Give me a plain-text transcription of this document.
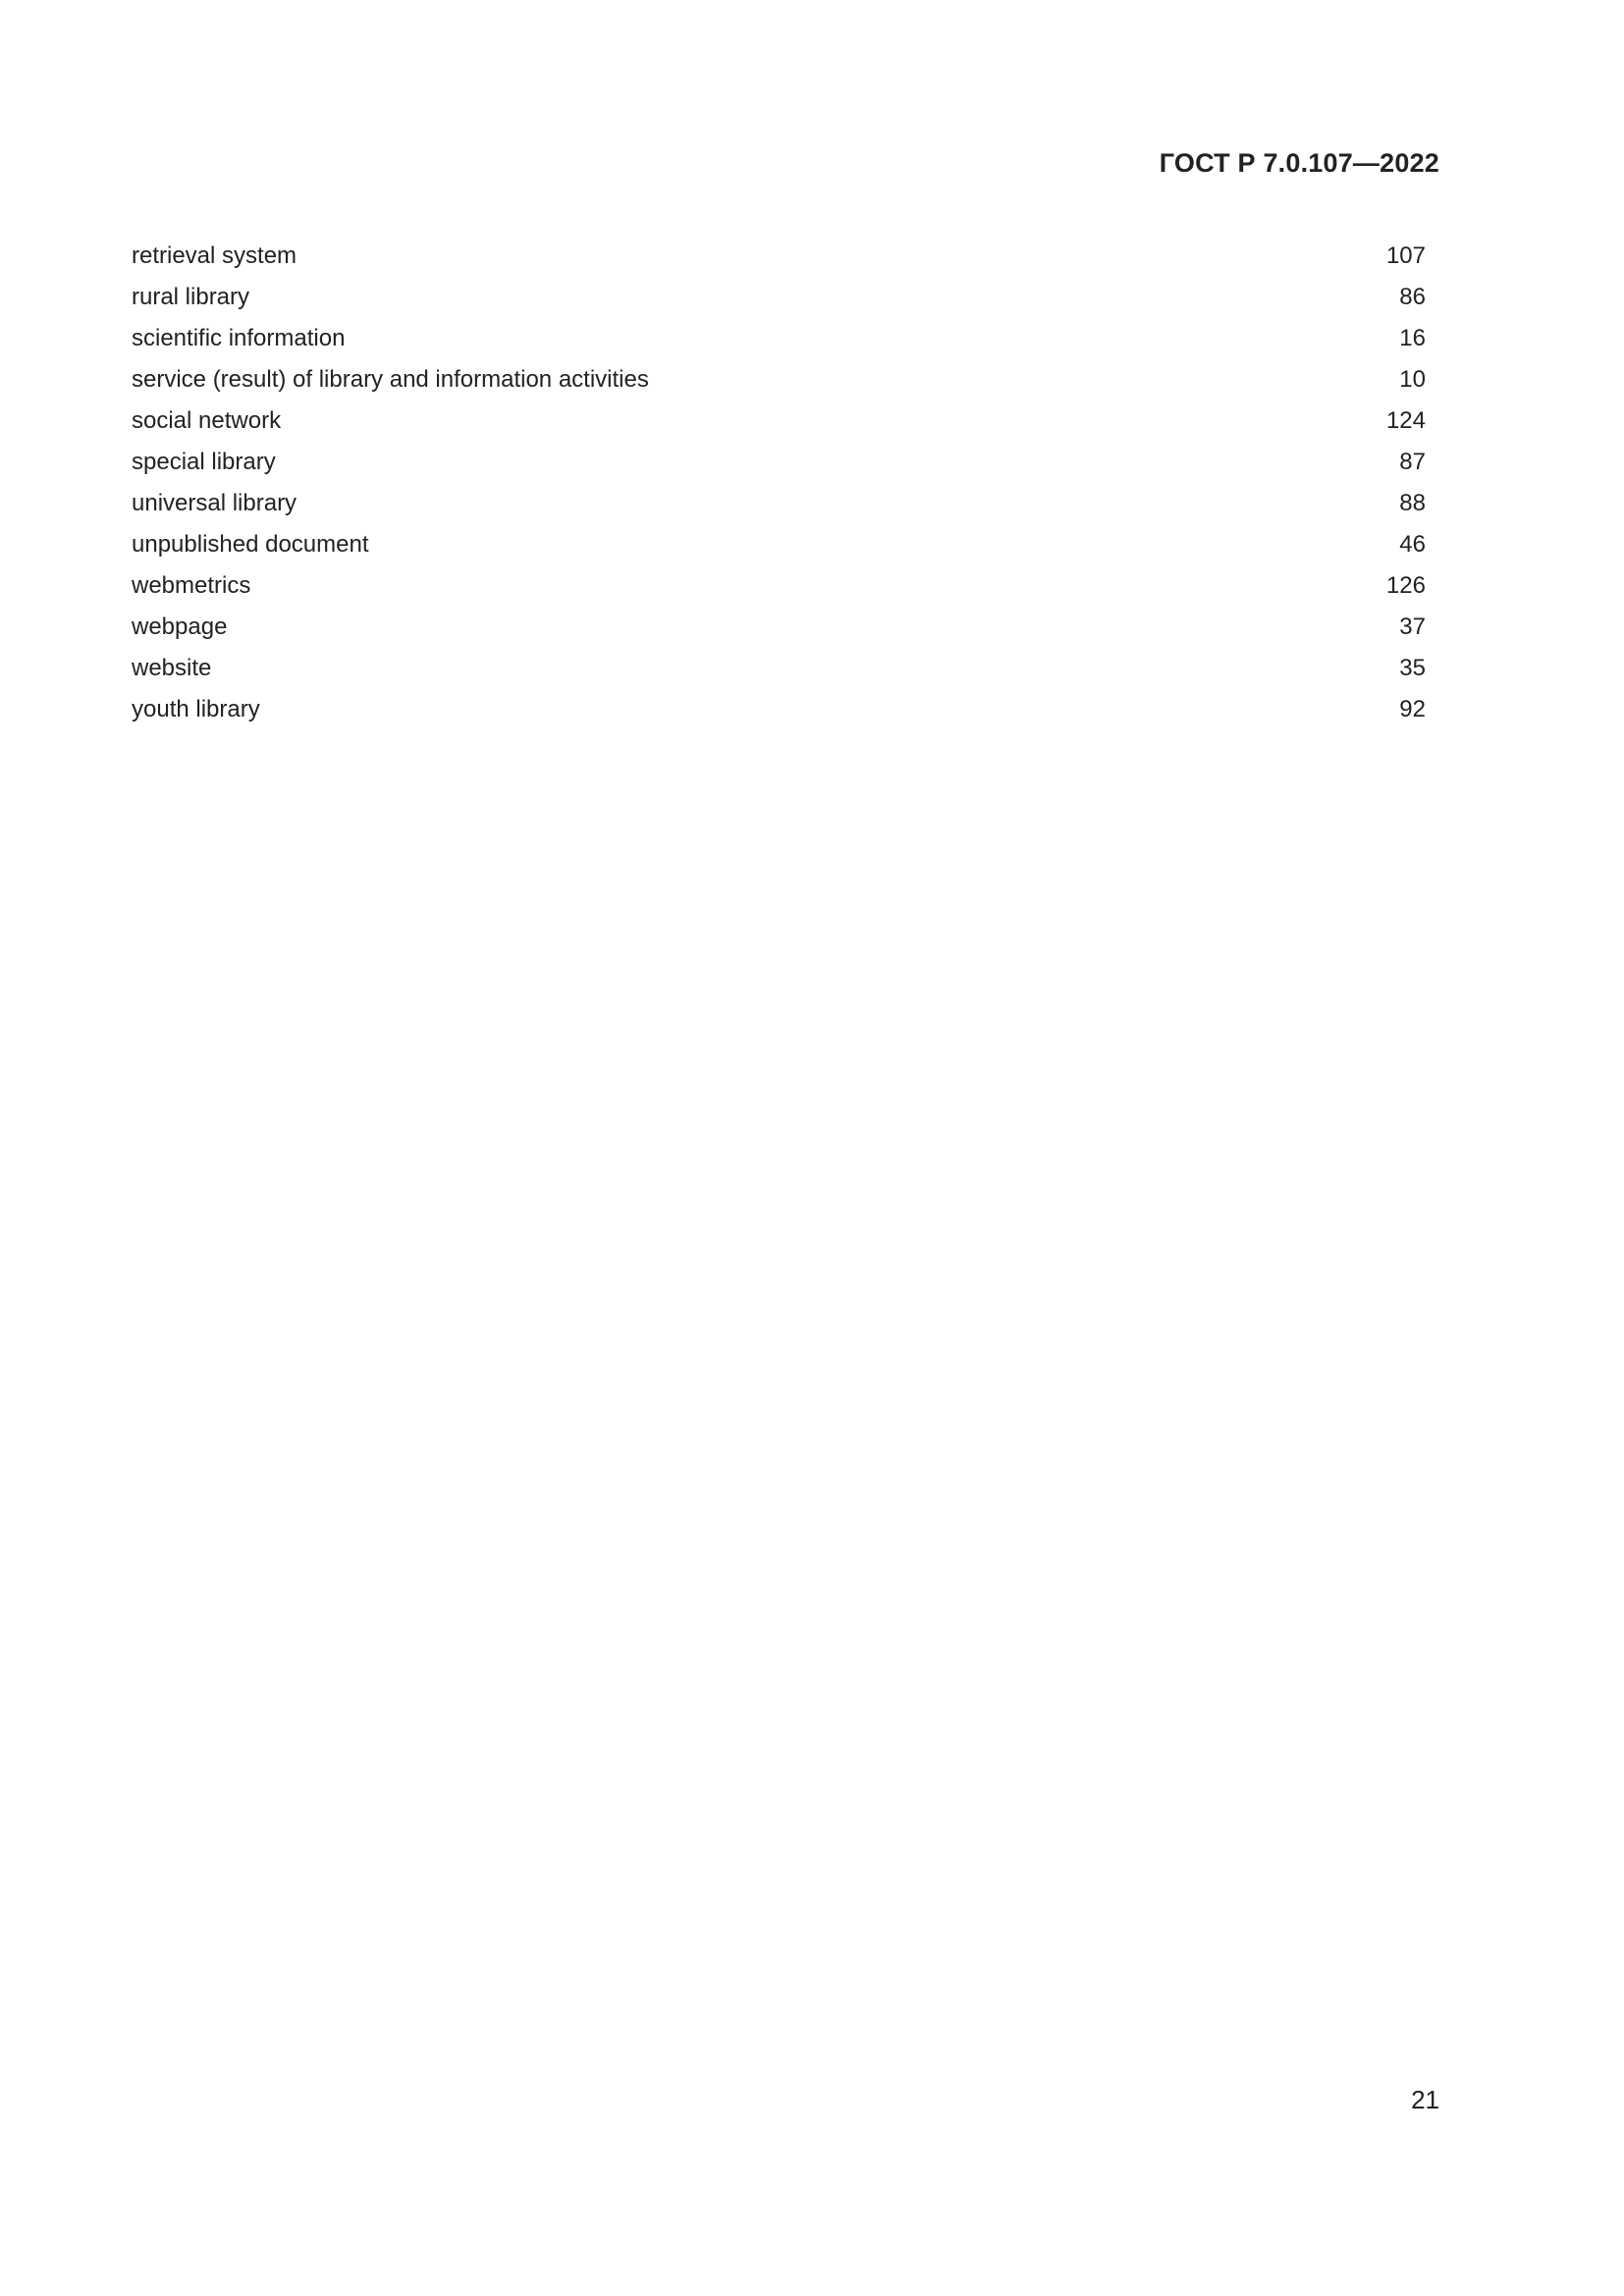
ГОСТ Р 7.0.107—2022
retrieval system	107
rural library	86
scientific information	16
service (result) of library and information activities	10
social network	124
special library	87
universal library	88
unpublished document	46
webmetrics	126
webpage	37
website	35
youth library	92
21
